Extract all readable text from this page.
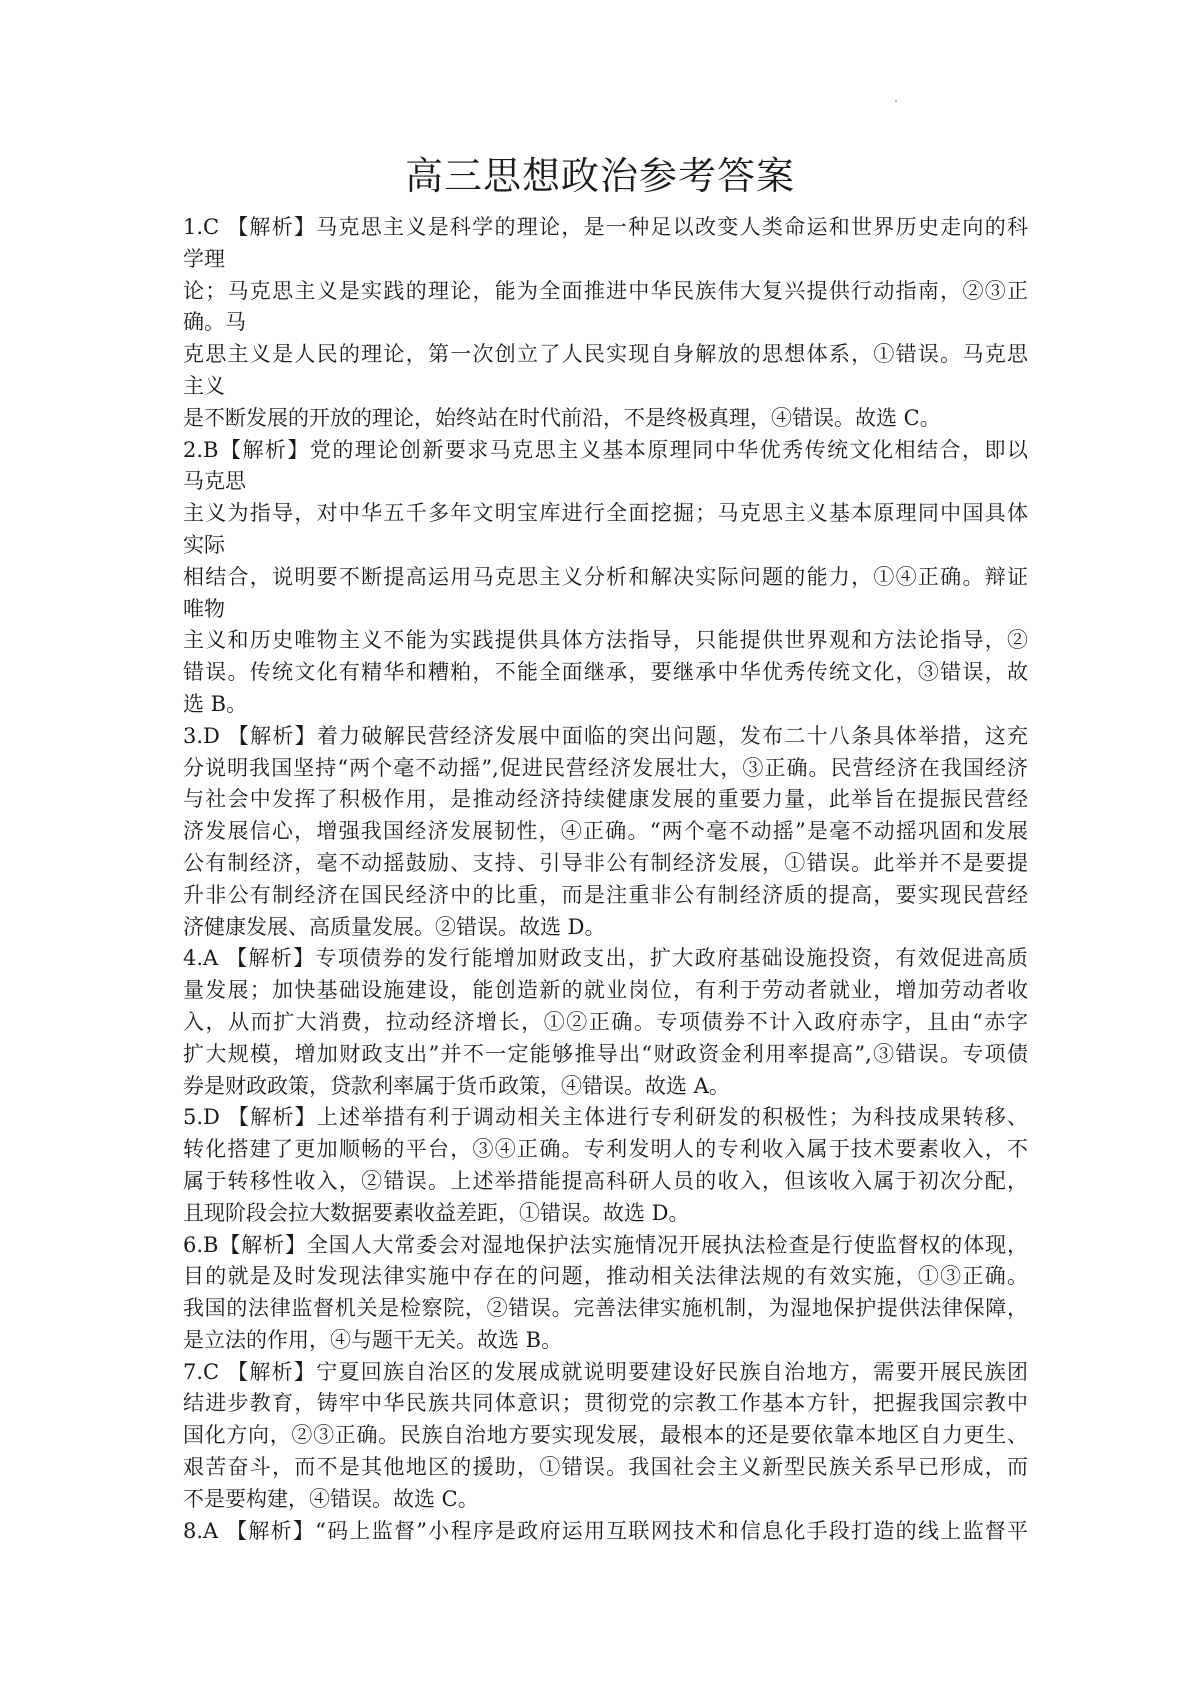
高三思想政治参考答案
1.C 【解析】马克思主义是科学的理论，是一种足以改变人类命运和世界历史走向的科
学理
论；马克思主义是实践的理论，能为全面推进中华民族伟大复兴提供行动指南，②③正
确。马
克思主义是人民的理论，第一次创立了人民实现自身解放的思想体系，①错误。马克思
主义
是不断发展的开放的理论，始终站在时代前沿，不是终极真理，④错误。故选 C。
2.B【解析】党的理论创新要求马克思主义基本原理同中华优秀传统文化相结合，即以
马克思
主义为指导，对中华五千多年文明宝库进行全面挖掘；马克思主义基本原理同中国具体
实际
相结合，说明要不断提高运用马克思主义分析和解决实际问题的能力，①④正确。辩证
唯物
主义和历史唯物主义不能为实践提供具体方法指导，只能提供世界观和方法论指导，②
错误。传统文化有精华和糟粕，不能全面继承，要继承中华优秀传统文化，③错误，故
选 B。
3.D 【解析】着力破解民营经济发展中面临的突出问题，发布二十八条具体举措，这充
分说明我国坚持“两个毫不动摇”,促进民营经济发展壮大，③正确。民营经济在我国经济
与社会中发挥了积极作用，是推动经济持续健康发展的重要力量，此举旨在提振民营经
济发展信心，增强我国经济发展韧性，④正确。“两个毫不动摇”是毫不动摇巩固和发展
公有制经济，毫不动摇鼓励、支持、引导非公有制经济发展，①错误。此举并不是要提
升非公有制经济在国民经济中的比重，而是注重非公有制经济质的提高，要实现民营经
济健康发展、高质量发展。②错误。故选 D。
4.A 【解析】专项债券的发行能增加财政支出，扩大政府基础设施投资，有效促进高质
量发展；加快基础设施建设，能创造新的就业岗位，有利于劳动者就业，增加劳动者收
入，从而扩大消费，拉动经济增长，①②正确。专项债券不计入政府赤字，且由“赤字
扩大规模，增加财政支出”并不一定能够推导出“财政资金利用率提高”,③错误。专项债
券是财政政策，贷款利率属于货币政策，④错误。故选 A。
5.D 【解析】上述举措有利于调动相关主体进行专利研发的积极性；为科技成果转移、
转化搭建了更加顺畅的平台，③④正确。专利发明人的专利收入属于技术要素收入，不
属于转移性收入，②错误。上述举措能提高科研人员的收入，但该收入属于初次分配，
且现阶段会拉大数据要素收益差距，①错误。故选 D。
6.B【解析】全国人大常委会对湿地保护法实施情况开展执法检查是行使监督权的体现，
目的就是及时发现法律实施中存在的问题，推动相关法律法规的有效实施，①③正确。
我国的法律监督机关是检察院，②错误。完善法律实施机制，为湿地保护提供法律保障，
是立法的作用，④与题干无关。故选 B。
7.C 【解析】宁夏回族自治区的发展成就说明要建设好民族自治地方，需要开展民族团
结进步教育，铸牢中华民族共同体意识；贯彻党的宗教工作基本方针，把握我国宗教中
国化方向，②③正确。民族自治地方要实现发展，最根本的还是要依靠本地区自力更生、
艰苦奋斗，而不是其他地区的援助，①错误。我国社会主义新型民族关系早已形成，而
不是要构建，④错误。故选 C。
8.A 【解析】“码上监督”小程序是政府运用互联网技术和信息化手段打造的线上监督平
